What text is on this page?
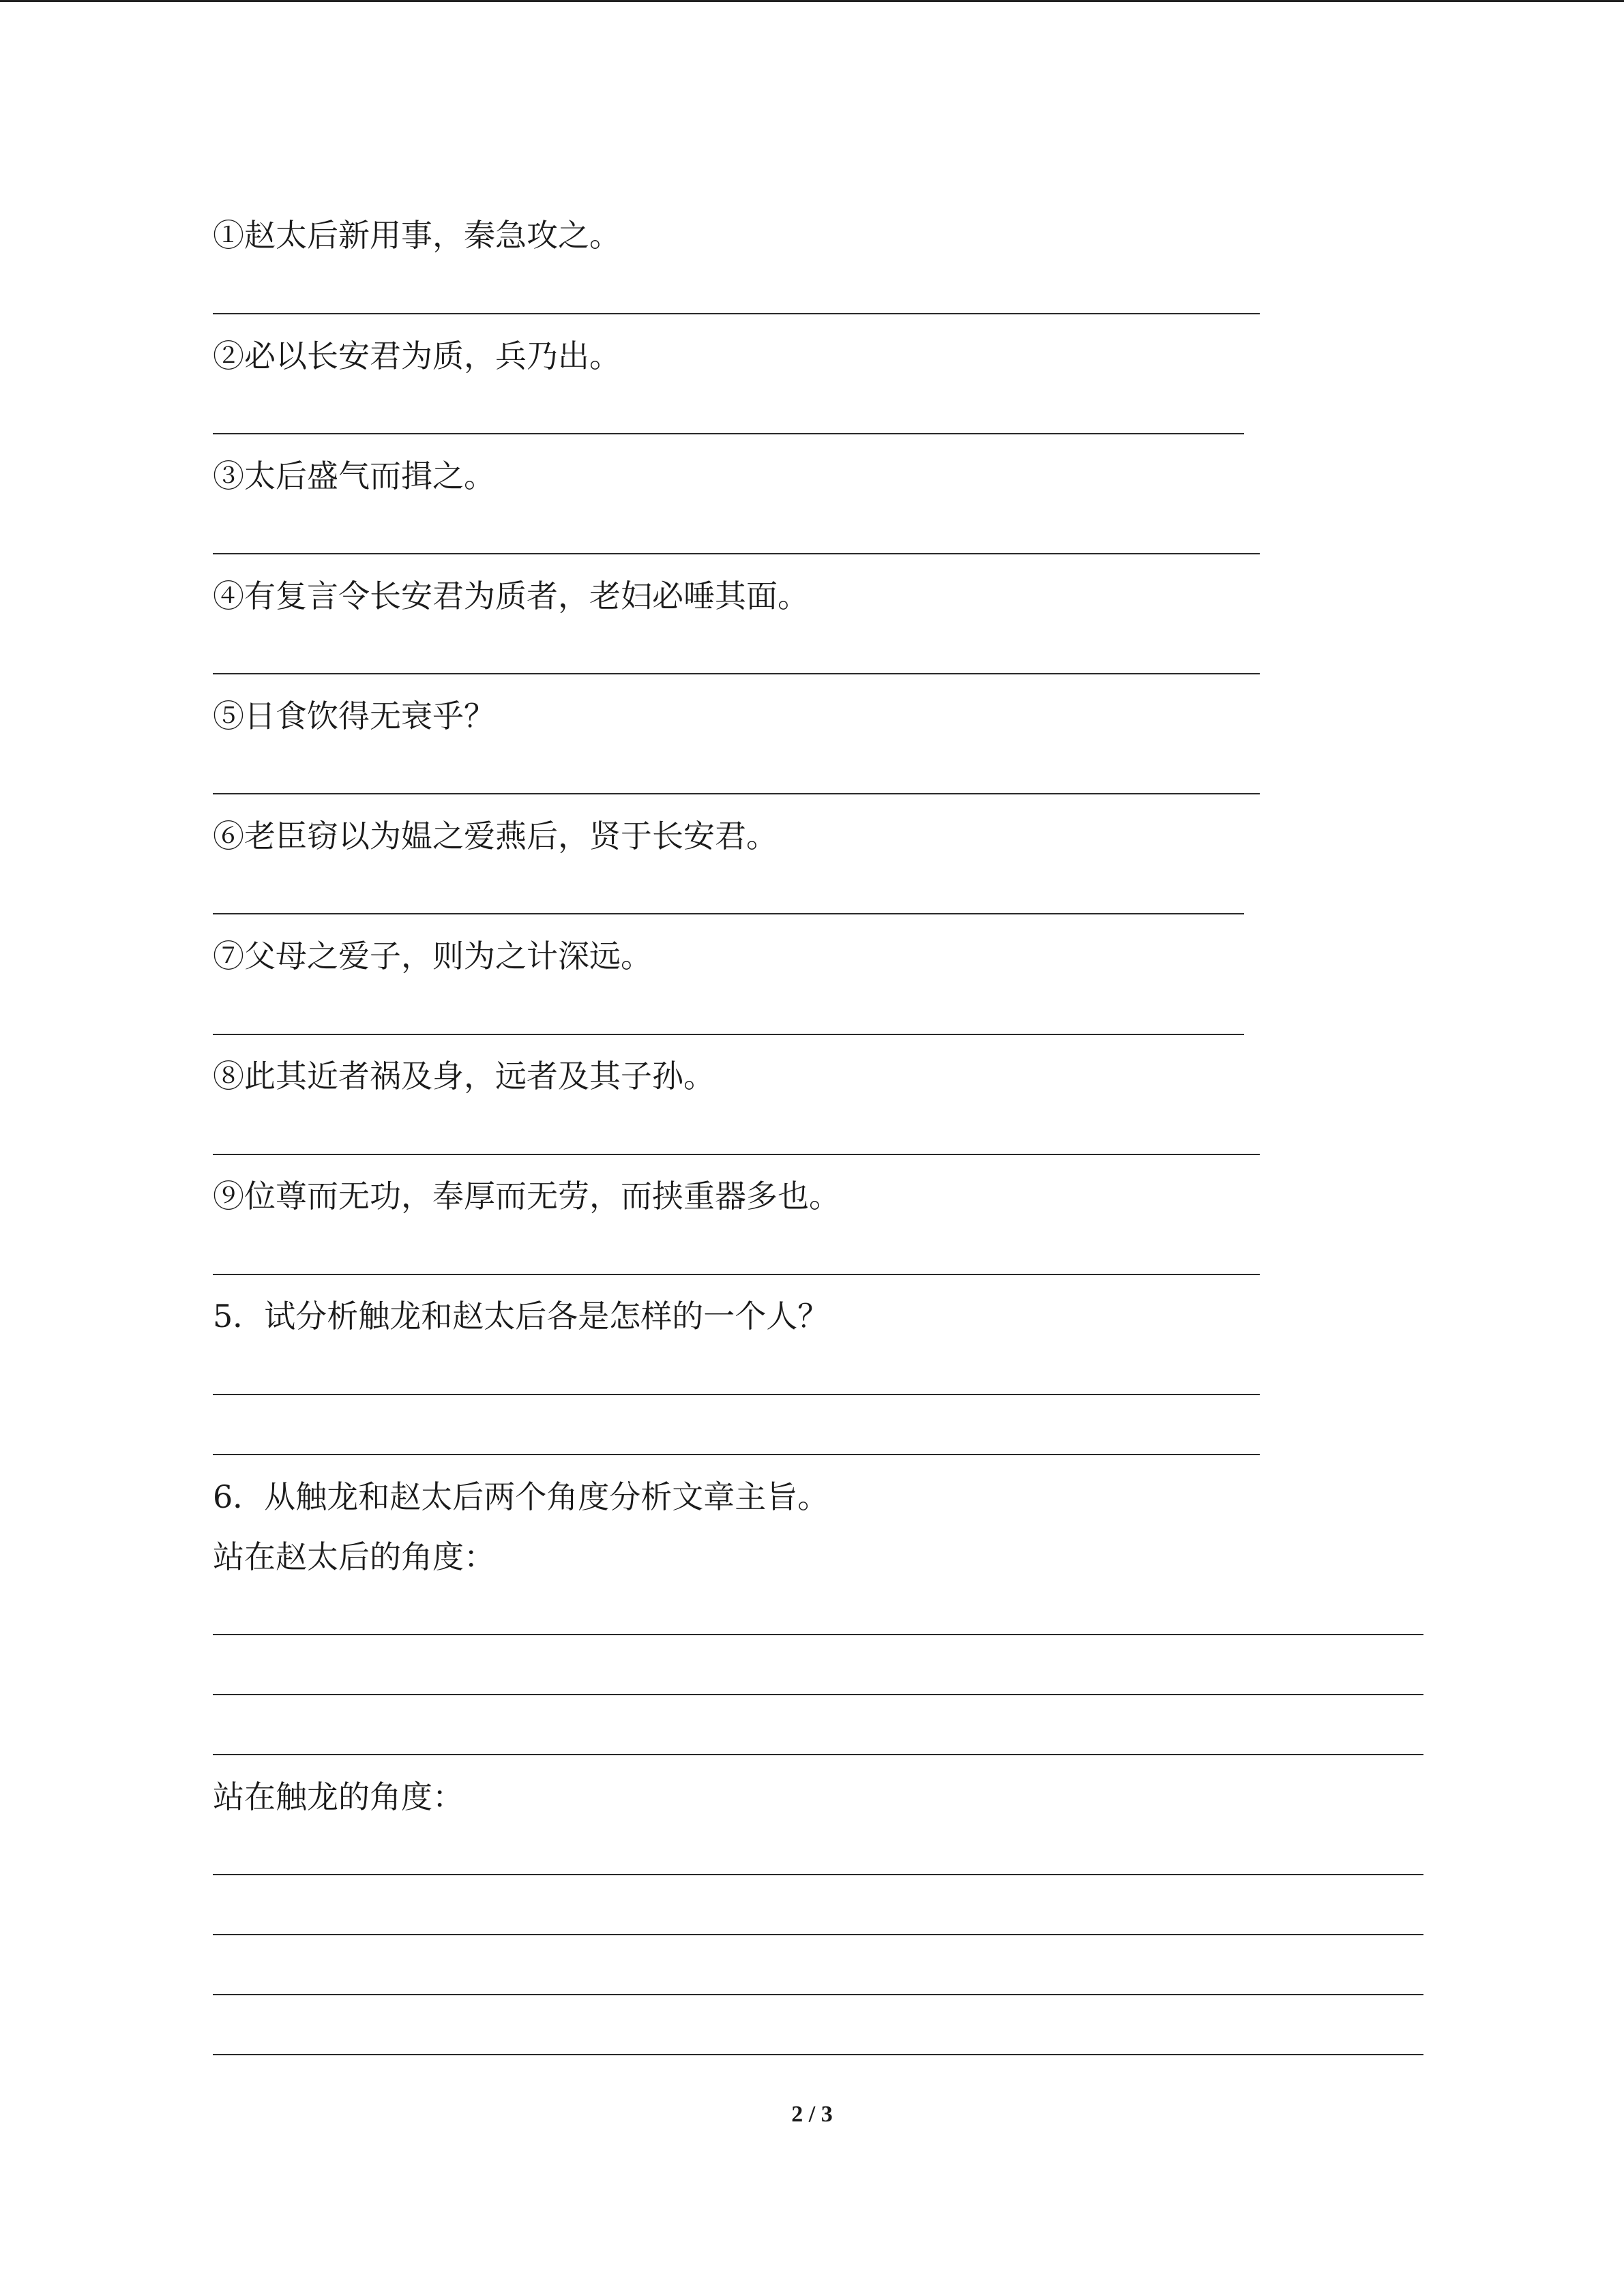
①赵太后新用事，秦急攻之。
②必以长安君为质，兵乃出。
③太后盛气而揖之。
④有复言令长安君为质者，老妇必唾其面。
⑤日食饮得无衰乎？
⑥老臣窃以为媪之爱燕后，贤于长安君。
⑦父母之爱子，则为之计深远。
⑧此其近者祸及身，远者及其子孙。
⑨位尊而无功，奉厚而无劳，而挟重器多也。
5．试分析触龙和赵太后各是怎样的一个人？
6．从触龙和赵太后两个角度分析文章主旨。
站在赵太后的角度：
站在触龙的角度：
2 / 3
